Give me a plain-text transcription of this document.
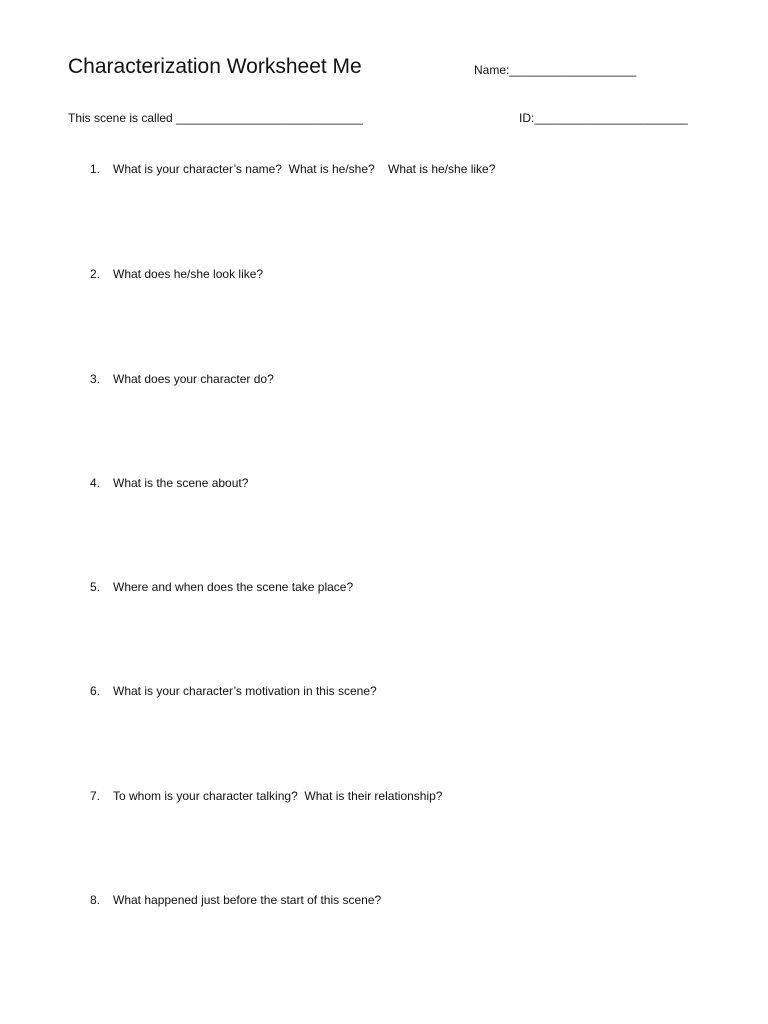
Characterization Worksheet Me	Name:___________________
This scene is called ____________________________	ID:_______________________
1. What is your character’s name?  What is he/she?    What is he/she like?
2. What does he/she look like?
3. What does your character do?
4. What is the scene about?
5. Where and when does the scene take place?
6. What is your character’s motivation in this scene?
7. To whom is your character talking?  What is their relationship?
8. What happened just before the start of this scene?
